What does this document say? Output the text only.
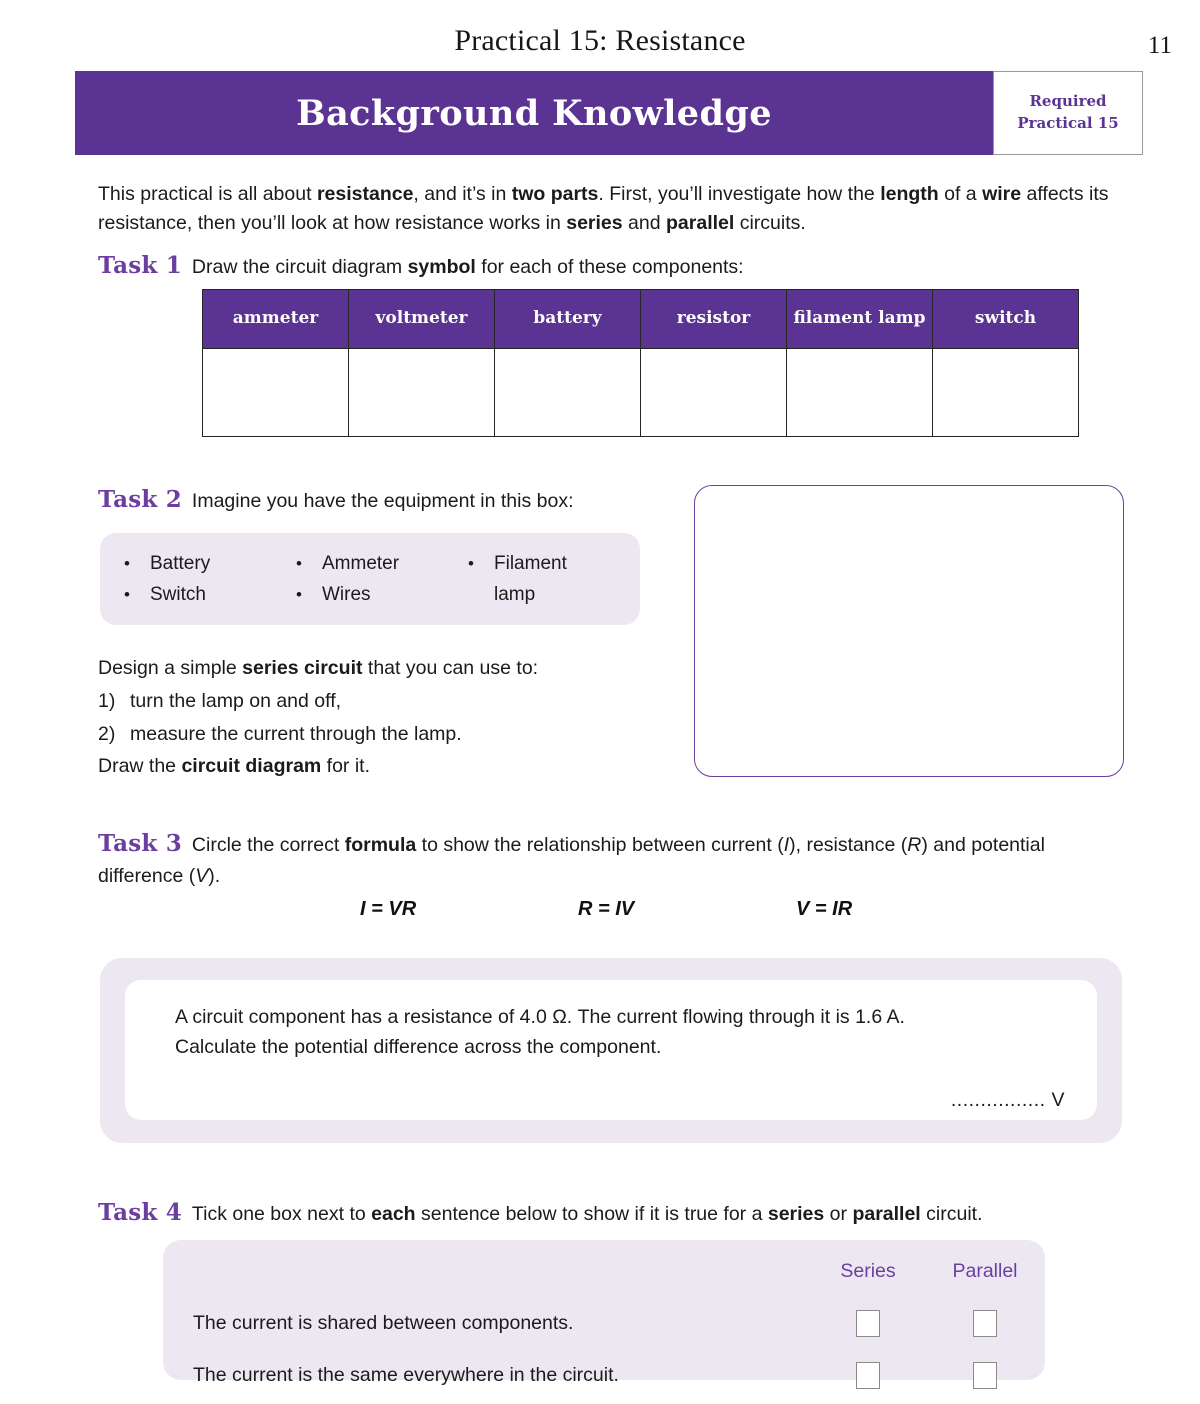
Practical 15: Resistance	11
Background Knowledge	Required
Practical 15
This practical is all about resistance, and it’s in two parts. First, you’ll investigate how the length of a wire affects its resistance, then you’ll look at how resistance works in series and parallel circuits.
Task 1 Draw the circuit diagram symbol for each of these components:
ammeter	voltmeter	battery	resistor	filament lamp	switch

Task 2 Imagine you have the equipment in this box:
• Battery
• Switch
• Ammeter
• Wires
• Filament lamp
Design a simple series circuit that you can use to:
1) turn the lamp on and off,
2) measure the current through the lamp.
Draw the circuit diagram for it.
Task 3 Circle the correct formula to show the relationship between current (I), resistance (R) and potential difference (V).
I = VR	R = IV	V = IR
A circuit component has a resistance of 4.0 Ω. The current flowing through it is 1.6 A.
Calculate the potential difference across the component.
................ V
Task 4 Tick one box next to each sentence below to show if it is true for a series or parallel circuit.
Series	Parallel
The current is shared between components.
The current is the same everywhere in the circuit.
